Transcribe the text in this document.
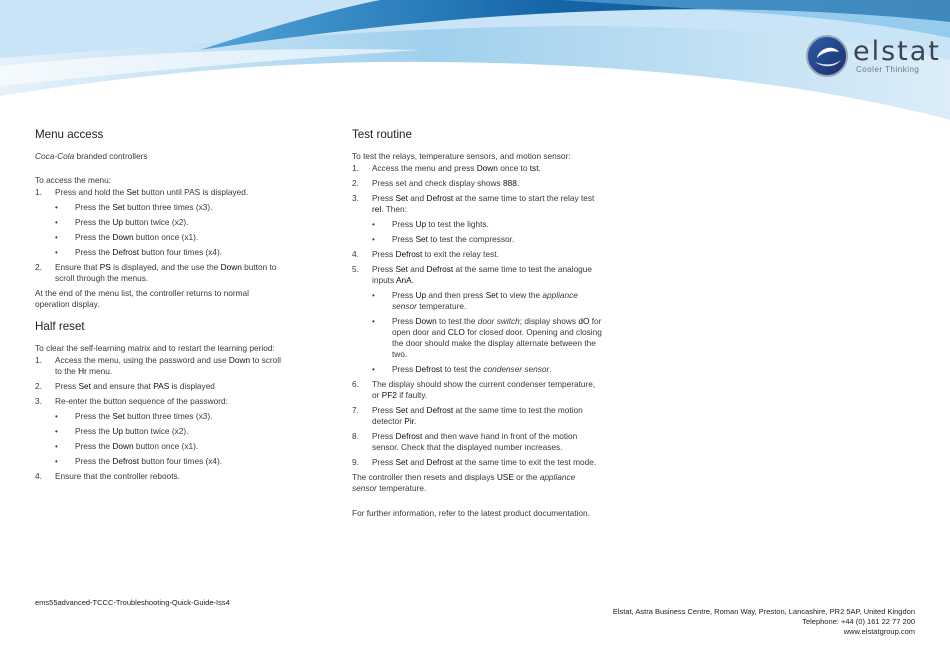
elstat
Cooler Thinking
Menu access
Coca-Cola branded controllers
To access the menu:
1. Press and hold the Set button until PAS is displayed.
• Press the Set button three times (x3).
• Press the Up button twice (x2).
• Press the Down button once (x1).
• Press the Defrost button four times (x4).
2. Ensure that PS is displayed, and the use the Down button to scroll through the menus.
At the end of the menu list, the controller returns to normal operation display.
Half reset
To clear the self-learning matrix and to restart the learning period:
1. Access the menu, using the password and use Down to scroll to the Hr menu.
2. Press Set and ensure that PAS is displayed
3. Re-enter the button sequence of the password:
• Press the Set button three times (x3).
• Press the Up button twice (x2).
• Press the Down button once (x1).
• Press the Defrost button four times (x4).
4. Ensure that the controller reboots.
Test routine
To test the relays, temperature sensors, and motion sensor:
1. Access the menu and press Down once to tst.
2. Press set and check display shows 888.
3. Press Set and Defrost at the same time to start the relay test rel. Then:
• Press Up to test the lights.
• Press Set to test the compressor.
4. Press Defrost to exit the relay test.
5. Press Set and Defrost at the same time to test the analogue inputs AnA.
• Press Up and then press Set to view the appliance sensor temperature.
• Press Down to test the door switch; display shows dO for open door and CLO for closed door. Opening and closing the door should make the display alternate between the two.
• Press Defrost to test the condenser sensor.
6. The display should show the current condenser temperature, or PF2 if faulty.
7. Press Set and Defrost at the same time to test the motion detector Pir.
8. Press Defrost and then wave hand in front of the motion sensor. Check that the displayed number increases.
9. Press Set and Defrost at the same time to exit the test mode.
The controller then resets and displays USE or the appliance sensor temperature.
For further information, refer to the latest product documentation.
ems55advanced-TCCC-Troubleshooting-Quick-Guide-Iss4
Elstat, Astra Business Centre, Roman Way, Preston, Lancashire, PR2 5AP, United Kingdon
Telephone: +44 (0) 161 22 77 200
www.elstatgroup.com
